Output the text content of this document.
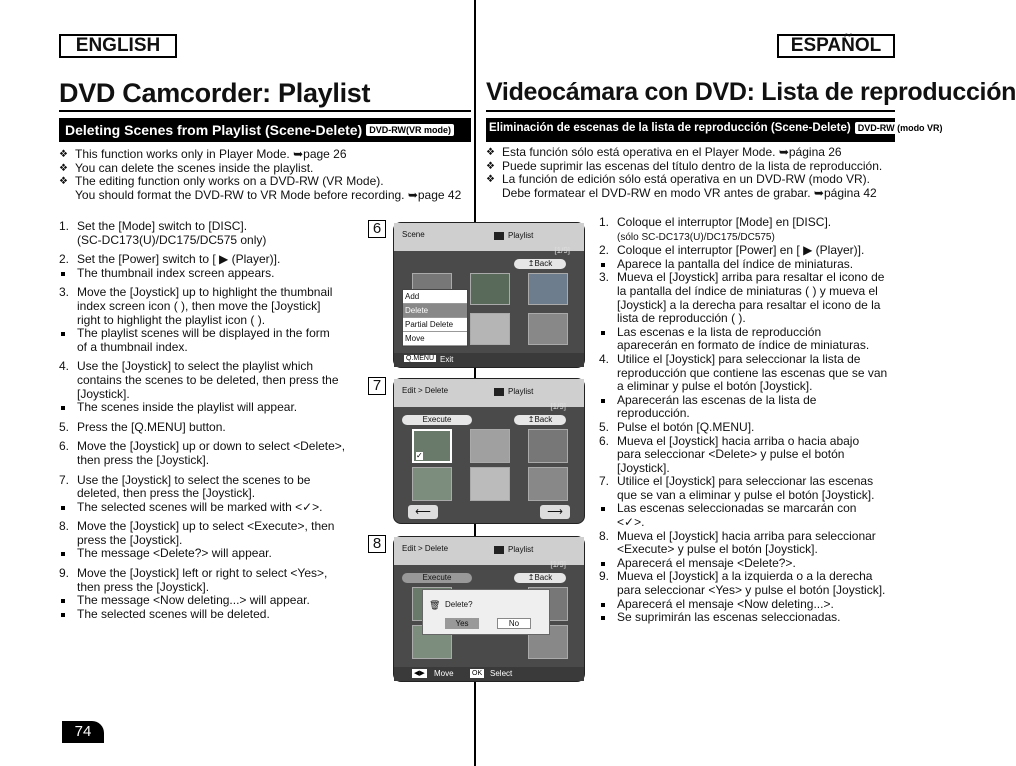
ENGLISH	ESPAÑOL
DVD Camcorder: Playlist	Videocámara con DVD: Lista de reproducción
Deleting Scenes from Playlist (Scene-Delete) DVD-RW(VR mode)	Eliminación de escenas de la lista de reproducción (Scene-Delete) DVD-RW (modo VR)
❖ This function works only in Player Mode. ➥page 26
❖ You can delete the scenes inside the playlist.
❖ The editing function only works on a DVD-RW (VR Mode).
You should format the DVD-RW to VR Mode before recording. ➥page 42
❖ Esta función sólo está operativa en el Player Mode. ➥página 26
❖ Puede suprimir las escenas del título dentro de la lista de reproducción.
❖ La función de edición sólo está operativa en un DVD-RW (modo VR).
Debe formatear el DVD-RW en modo VR antes de grabar. ➥página 42
1. Set the [Mode] switch to [DISC].
(SC-DC173(U)/DC175/DC575 only)
2. Set the [Power] switch to [ ▶ (Player)].
The thumbnail index screen appears.
3. Move the [Joystick] up to highlight the thumbnail
index screen icon ( ), then move the [Joystick]
right to highlight the playlist icon ( ).
The playlist scenes will be displayed in the form
of a thumbnail index.
4. Use the [Joystick] to select the playlist which
contains the scenes to be deleted, then press the
[Joystick].
The scenes inside the playlist will appear.
5. Press the [Q.MENU] button.
6. Move the [Joystick] up or down to select <Delete>,
then press the [Joystick].
7. Use the [Joystick] to select the scenes to be
deleted, then press the [Joystick].
The selected scenes will be marked with <✓>.
8. Move the [Joystick] up to select <Execute>, then
press the [Joystick].
The message <Delete?> will appear.
9. Move the [Joystick] left or right to select <Yes>,
then press the [Joystick].
The message <Now deleting...> will appear.
The selected scenes will be deleted.
1. Coloque el interruptor [Mode] en [DISC].
(sólo SC-DC173(U)/DC175/DC575)
2. Coloque el interruptor [Power] en [ ▶ (Player)].
Aparece la pantalla del índice de miniaturas.
3. Mueva el [Joystick] arriba para resaltar el icono de
la pantalla del índice de miniaturas ( ) y mueva el
[Joystick] a la derecha para resaltar el icono de la
lista de reproducción ( ).
Las escenas e la lista de reproducción
aparecerán en formato de índice de miniaturas.
4. Utilice el [Joystick] para seleccionar la lista de
reproducción que contiene las escenas que se van
a eliminar y pulse el botón [Joystick].
Aparecerán las escenas de la lista de
reproducción.
5. Pulse el botón [Q.MENU].
6. Mueva el [Joystick] hacia arriba o hacia abajo
para seleccionar <Delete> y pulse el botón
[Joystick].
7. Utilice el [Joystick] para seleccionar las escenas
que se van a eliminar y pulse el botón [Joystick].
Las escenas seleccionadas se marcarán con
<✓>.
8. Mueva el [Joystick] hacia arriba para seleccionar
<Execute> y pulse el botón [Joystick].
Aparecerá el mensaje <Delete?>.
9. Mueva el [Joystick] a la izquierda o a la derecha
para seleccionar <Yes> y pulse el botón [Joystick].
Aparecerá el mensaje <Now deleting...>.
Se suprimirán las escenas seleccionadas.
6
7
8
Scene	Playlist
[1/9]
↥Back
Add
Delete
Partial Delete
Move
Q.MENU Exit
Edit > Delete	Playlist
[1/9]
Execute	↥Back
✓
⟵	⟶
Edit > Delete	Playlist
[1/9]
Execute	↥Back
🗑 Delete?
Yes	No
◀▶ Move	OK Select
74
